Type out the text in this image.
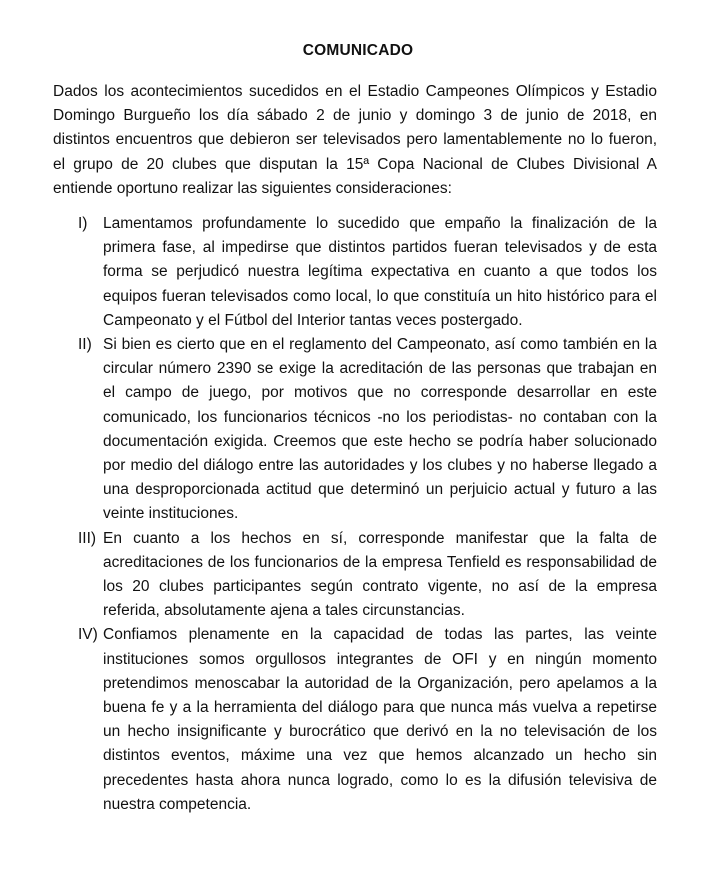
COMUNICADO
Dados los acontecimientos sucedidos en el Estadio Campeones Olímpicos y Estadio Domingo Burgueño los día sábado 2 de junio y domingo 3 de junio de 2018, en distintos encuentros que debieron ser televisados pero lamentablemente no lo fueron, el grupo de 20 clubes que disputan la 15ª Copa Nacional de Clubes Divisional A entiende oportuno realizar las siguientes consideraciones:
I)	Lamentamos profundamente lo sucedido que empaño la finalización de la primera fase, al impedirse que distintos partidos fueran televisados y de esta forma se perjudicó nuestra legítima expectativa en cuanto a que todos los equipos fueran televisados como local, lo que constituía un hito histórico para el Campeonato y el Fútbol del Interior tantas veces postergado.
II) Si bien es cierto que en el reglamento del Campeonato, así como también en la circular número 2390 se exige la acreditación de las personas que trabajan en el campo de juego, por motivos que no corresponde desarrollar en este comunicado, los funcionarios técnicos -no los periodistas- no contaban con la documentación exigida. Creemos que este hecho se podría haber solucionado por medio del diálogo entre las autoridades y los clubes y no haberse llegado a una desproporcionada actitud que determinó un perjuicio actual y futuro a las veinte instituciones.
III) En cuanto a los hechos en sí, corresponde manifestar que la falta de acreditaciones de los funcionarios de la empresa Tenfield es responsabilidad de los 20 clubes participantes según contrato vigente, no así de la empresa referida, absolutamente ajena a tales circunstancias.
IV) Confiamos plenamente en la capacidad de todas las partes, las veinte instituciones somos orgullosos integrantes de OFI y en ningún momento pretendimos menoscabar la autoridad de la Organización, pero apelamos a la buena fe y a la herramienta del diálogo para que nunca más vuelva a repetirse un hecho insignificante y burocrático que derivó en la no televisación de los distintos eventos, máxime una vez que hemos alcanzado un hecho sin precedentes hasta ahora nunca logrado, como lo es la difusión televisiva de nuestra competencia.
